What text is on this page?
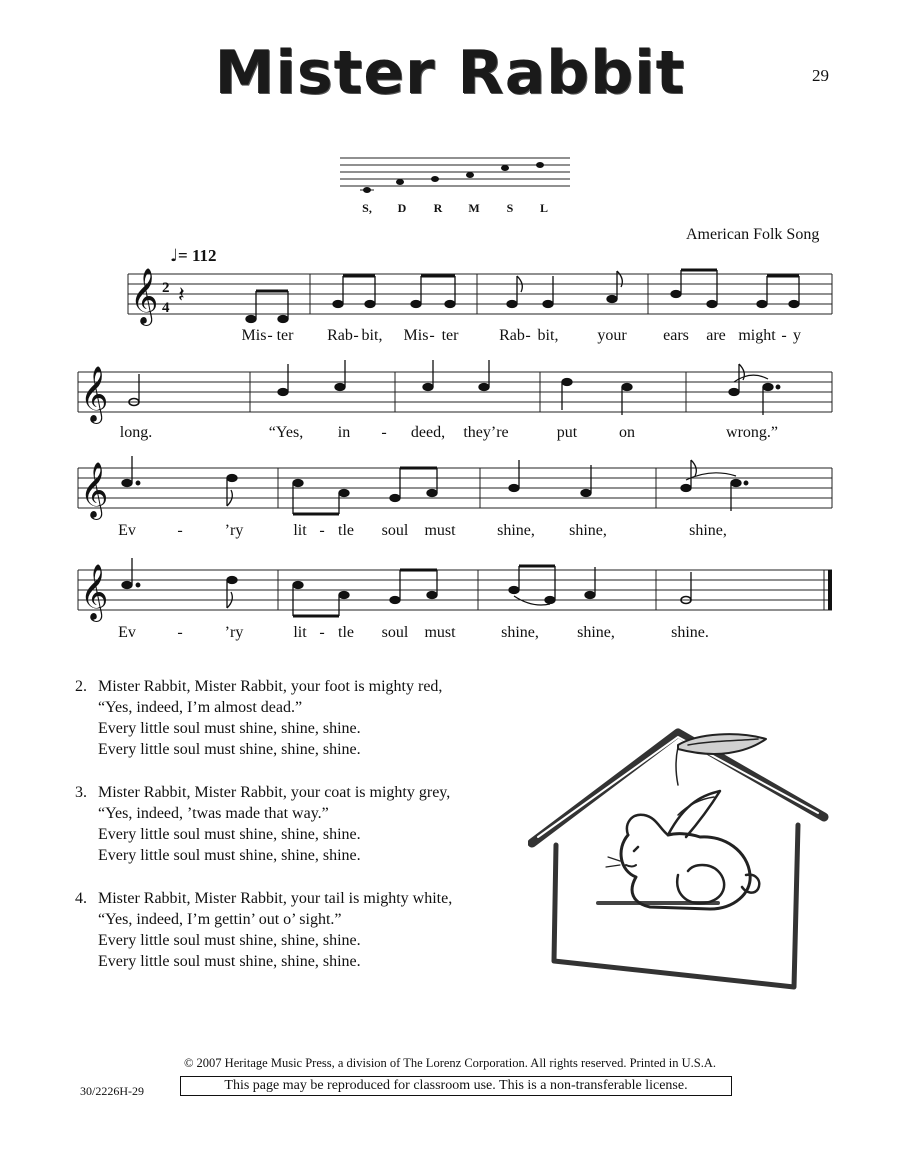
Mister Rabbit	29
S, D R M S L
American Folk Song
♩= 112
𝄞 2
4 𝄽
Mis - ter Rab - bit, Mis - ter	Rab - bit, your ears are might - y
𝄞
long.	“Yes, in - deed, they’re	put	on	wrong.”
𝄞
Ev	-	’ry	lit - tle soul must	shine, shine,	shine,
𝄞
Ev	-	’ry	lit - tle soul must	shine, shine,	shine.
2. Mister Rabbit, Mister Rabbit, your foot is mighty red,
“Yes, indeed, I’m almost dead.”
Every little soul must shine, shine, shine.
Every little soul must shine, shine, shine.
3. Mister Rabbit, Mister Rabbit, your coat is mighty grey,
“Yes, indeed, ’twas made that way.”
Every little soul must shine, shine, shine.
Every little soul must shine, shine, shine.
4. Mister Rabbit, Mister Rabbit, your tail is mighty white,
“Yes, indeed, I’m gettin’ out o’ sight.”
Every little soul must shine, shine, shine.
Every little soul must shine, shine, shine.
© 2007 Heritage Music Press, a division of The Lorenz Corporation. All rights reserved. Printed in U.S.A.
30/2226H-29	This page may be reproduced for classroom use. This is a non-transferable license.
